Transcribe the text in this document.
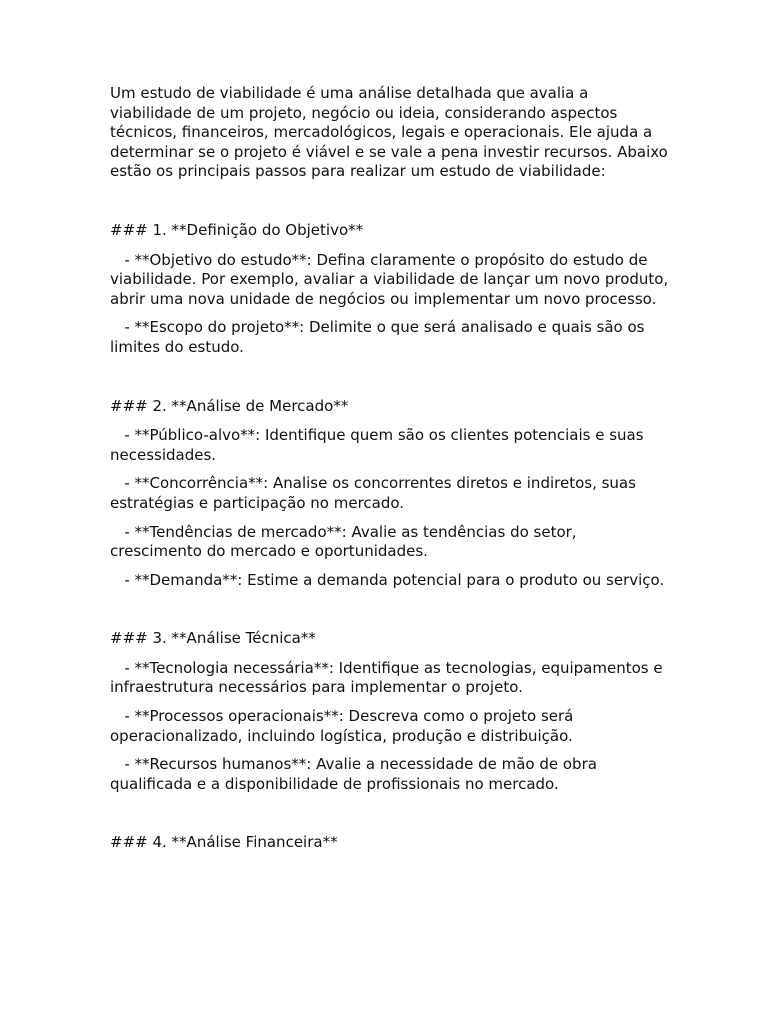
Um estudo de viabilidade é uma análise detalhada que avalia a viabilidade de um projeto, negócio ou ideia, considerando aspectos técnicos, financeiros, mercadológicos, legais e operacionais. Ele ajuda a determinar se o projeto é viável e se vale a pena investir recursos. Abaixo estão os principais passos para realizar um estudo de viabilidade:

### 1. **Definição do Objetivo**

- **Objetivo do estudo**: Defina claramente o propósito do estudo de viabilidade. Por exemplo, avaliar a viabilidade de lançar um novo produto, abrir uma nova unidade de negócios ou implementar um novo processo.

- **Escopo do projeto**: Delimite o que será analisado e quais são os limites do estudo.

### 2. **Análise de Mercado**

- **Público-alvo**: Identifique quem são os clientes potenciais e suas necessidades.

- **Concorrência**: Analise os concorrentes diretos e indiretos, suas estratégias e participação no mercado.

- **Tendências de mercado**: Avalie as tendências do setor, crescimento do mercado e oportunidades.

- **Demanda**: Estime a demanda potencial para o produto ou serviço.

### 3. **Análise Técnica**

- **Tecnologia necessária**: Identifique as tecnologias, equipamentos e infraestrutura necessários para implementar o projeto.

- **Processos operacionais**: Descreva como o projeto será operacionalizado, incluindo logística, produção e distribuição.

- **Recursos humanos**: Avalie a necessidade de mão de obra qualificada e a disponibilidade de profissionais no mercado.

### 4. **Análise Financeira**
